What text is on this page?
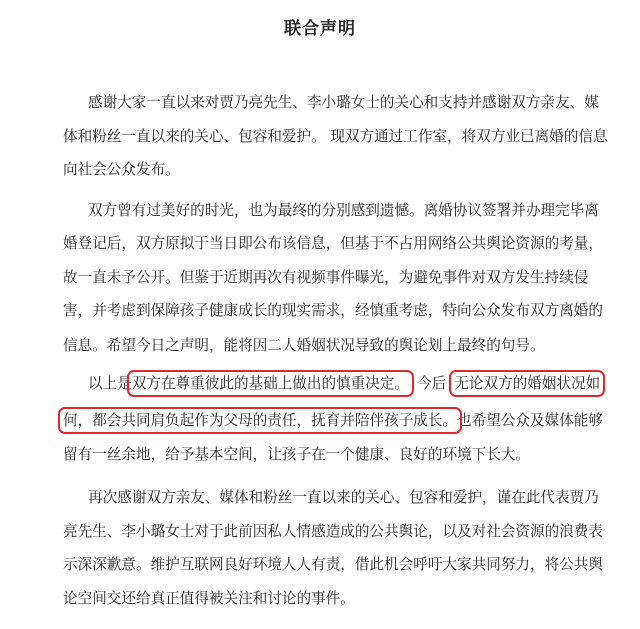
联合声明
感谢大家一直以来对贾乃亮先生、李小璐女士的关心和支持并感谢双方亲友、媒
体和粉丝一直以来的关心、包容和爱护。 现双方通过工作室，将双方业已离婚的信息
向社会公众发布。
双方曾有过美好的时光，也为最终的分别感到遗憾。离婚协议签署并办理完毕离
婚登记后，双方原拟于当日即公布该信息，但基于不占用网络公共舆论资源的考量，
故一直未予公开。但鉴于近期再次有视频事件曝光，为避免事件对双方发生持续侵
害，并考虑到保障孩子健康成长的现实需求，经慎重考虑，特向公众发布双方离婚的
信息。希望今日之声明，能将因二人婚姻状况导致的舆论划上最终的句号。
以上是双方在尊重彼此的基础上做出的慎重决定。 今后 无论双方的婚姻状况如
何，都会共同肩负起作为父母的责任，抚育并陪伴孩子成长。也希望公众及媒体能够
留有一丝余地，给予基本空间，让孩子在一个健康、良好的环境下长大。
再次感谢双方亲友、媒体和粉丝一直以来的关心、包容和爱护，谨在此代表贾乃
亮先生、李小璐女士对于此前因私人情感造成的公共舆论，以及对社会资源的浪费表
示深深歉意。维护互联网良好环境人人有责，借此机会呼吁大家共同努力，将公共舆
论空间交还给真正值得被关注和讨论的事件。
